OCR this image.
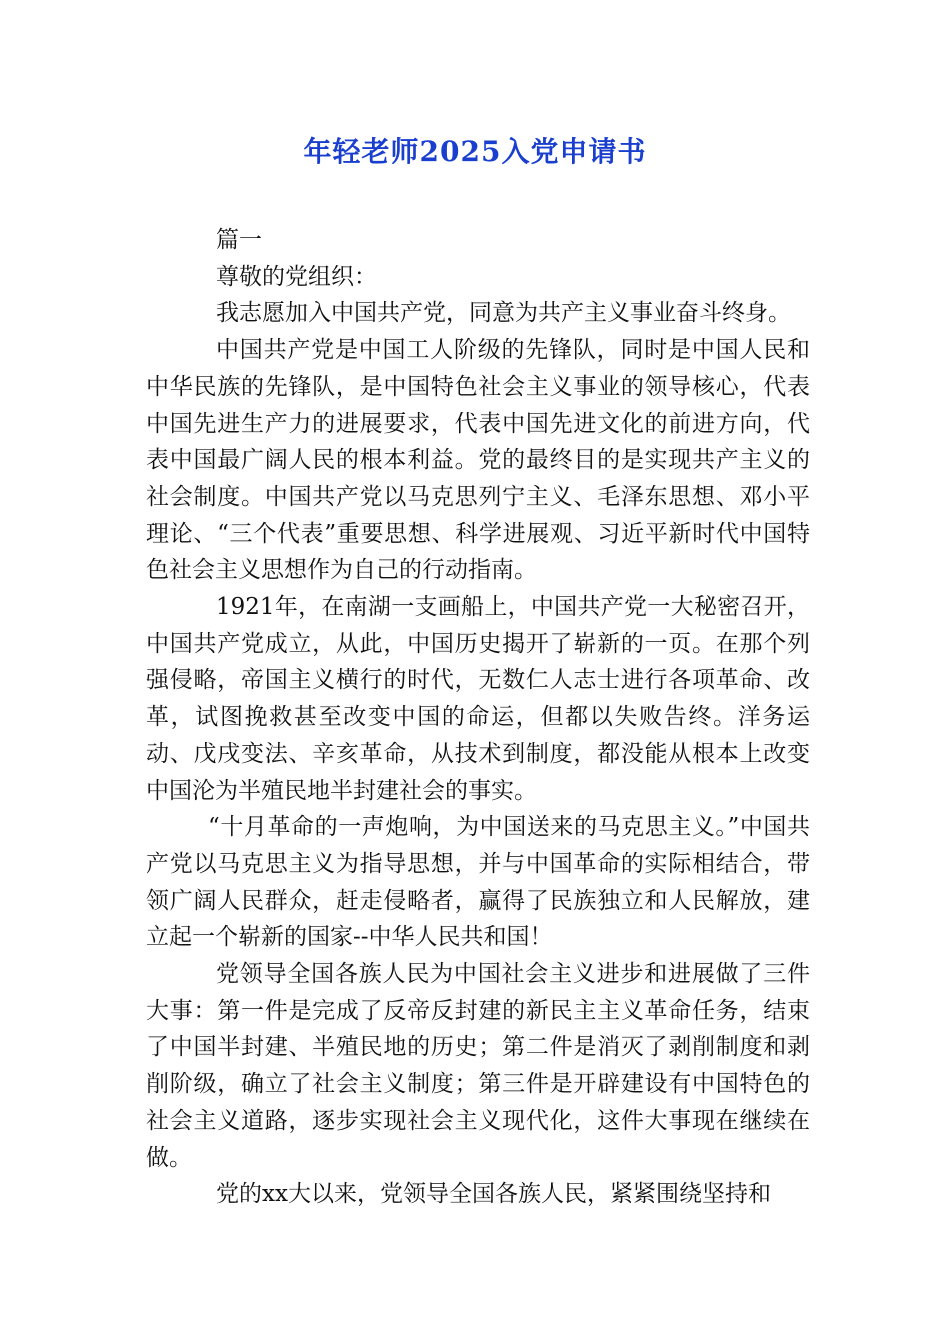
年轻老师2025入党申请书

篇一

尊敬的党组织：

我志愿加入中国共产党，同意为共产主义事业奋斗终身。

中国共产党是中国工人阶级的先锋队，同时是中国人民和中华民族的先锋队，是中国特色社会主义事业的领导核心，代表中国先进生产力的进展要求，代表中国先进文化的前进方向，代表中国最广阔人民的根本利益。党的最终目的是实现共产主义的社会制度。中国共产党以马克思列宁主义、毛泽东思想、邓小平理论、“三个代表”重要思想、科学进展观、习近平新时代中国特色社会主义思想作为自己的行动指南。

1921年，在南湖一支画船上，中国共产党一大秘密召开，中国共产党成立，从此，中国历史揭开了崭新的一页。在那个列强侵略，帝国主义横行的时代，无数仁人志士进行各项革命、改革，试图挽救甚至改变中国的命运，但都以失败告终。洋务运动、戊戌变法、辛亥革命，从技术到制度，都没能从根本上改变中国沦为半殖民地半封建社会的事实。

“十月革命的一声炮响，为中国送来的马克思主义。”中国共产党以马克思主义为指导思想，并与中国革命的实际相结合，带领广阔人民群众，赶走侵略者，赢得了民族独立和人民解放，建立起一个崭新的国家--中华人民共和国！

党领导全国各族人民为中国社会主义进步和进展做了三件大事：第一件是完成了反帝反封建的新民主主义革命任务，结束了中国半封建、半殖民地的历史；第二件是消灭了剥削制度和剥削阶级，确立了社会主义制度；第三件是开辟建设有中国特色的社会主义道路，逐步实现社会主义现代化，这件大事现在继续在做。

党的xx大以来，党领导全国各族人民，紧紧围绕坚持和
